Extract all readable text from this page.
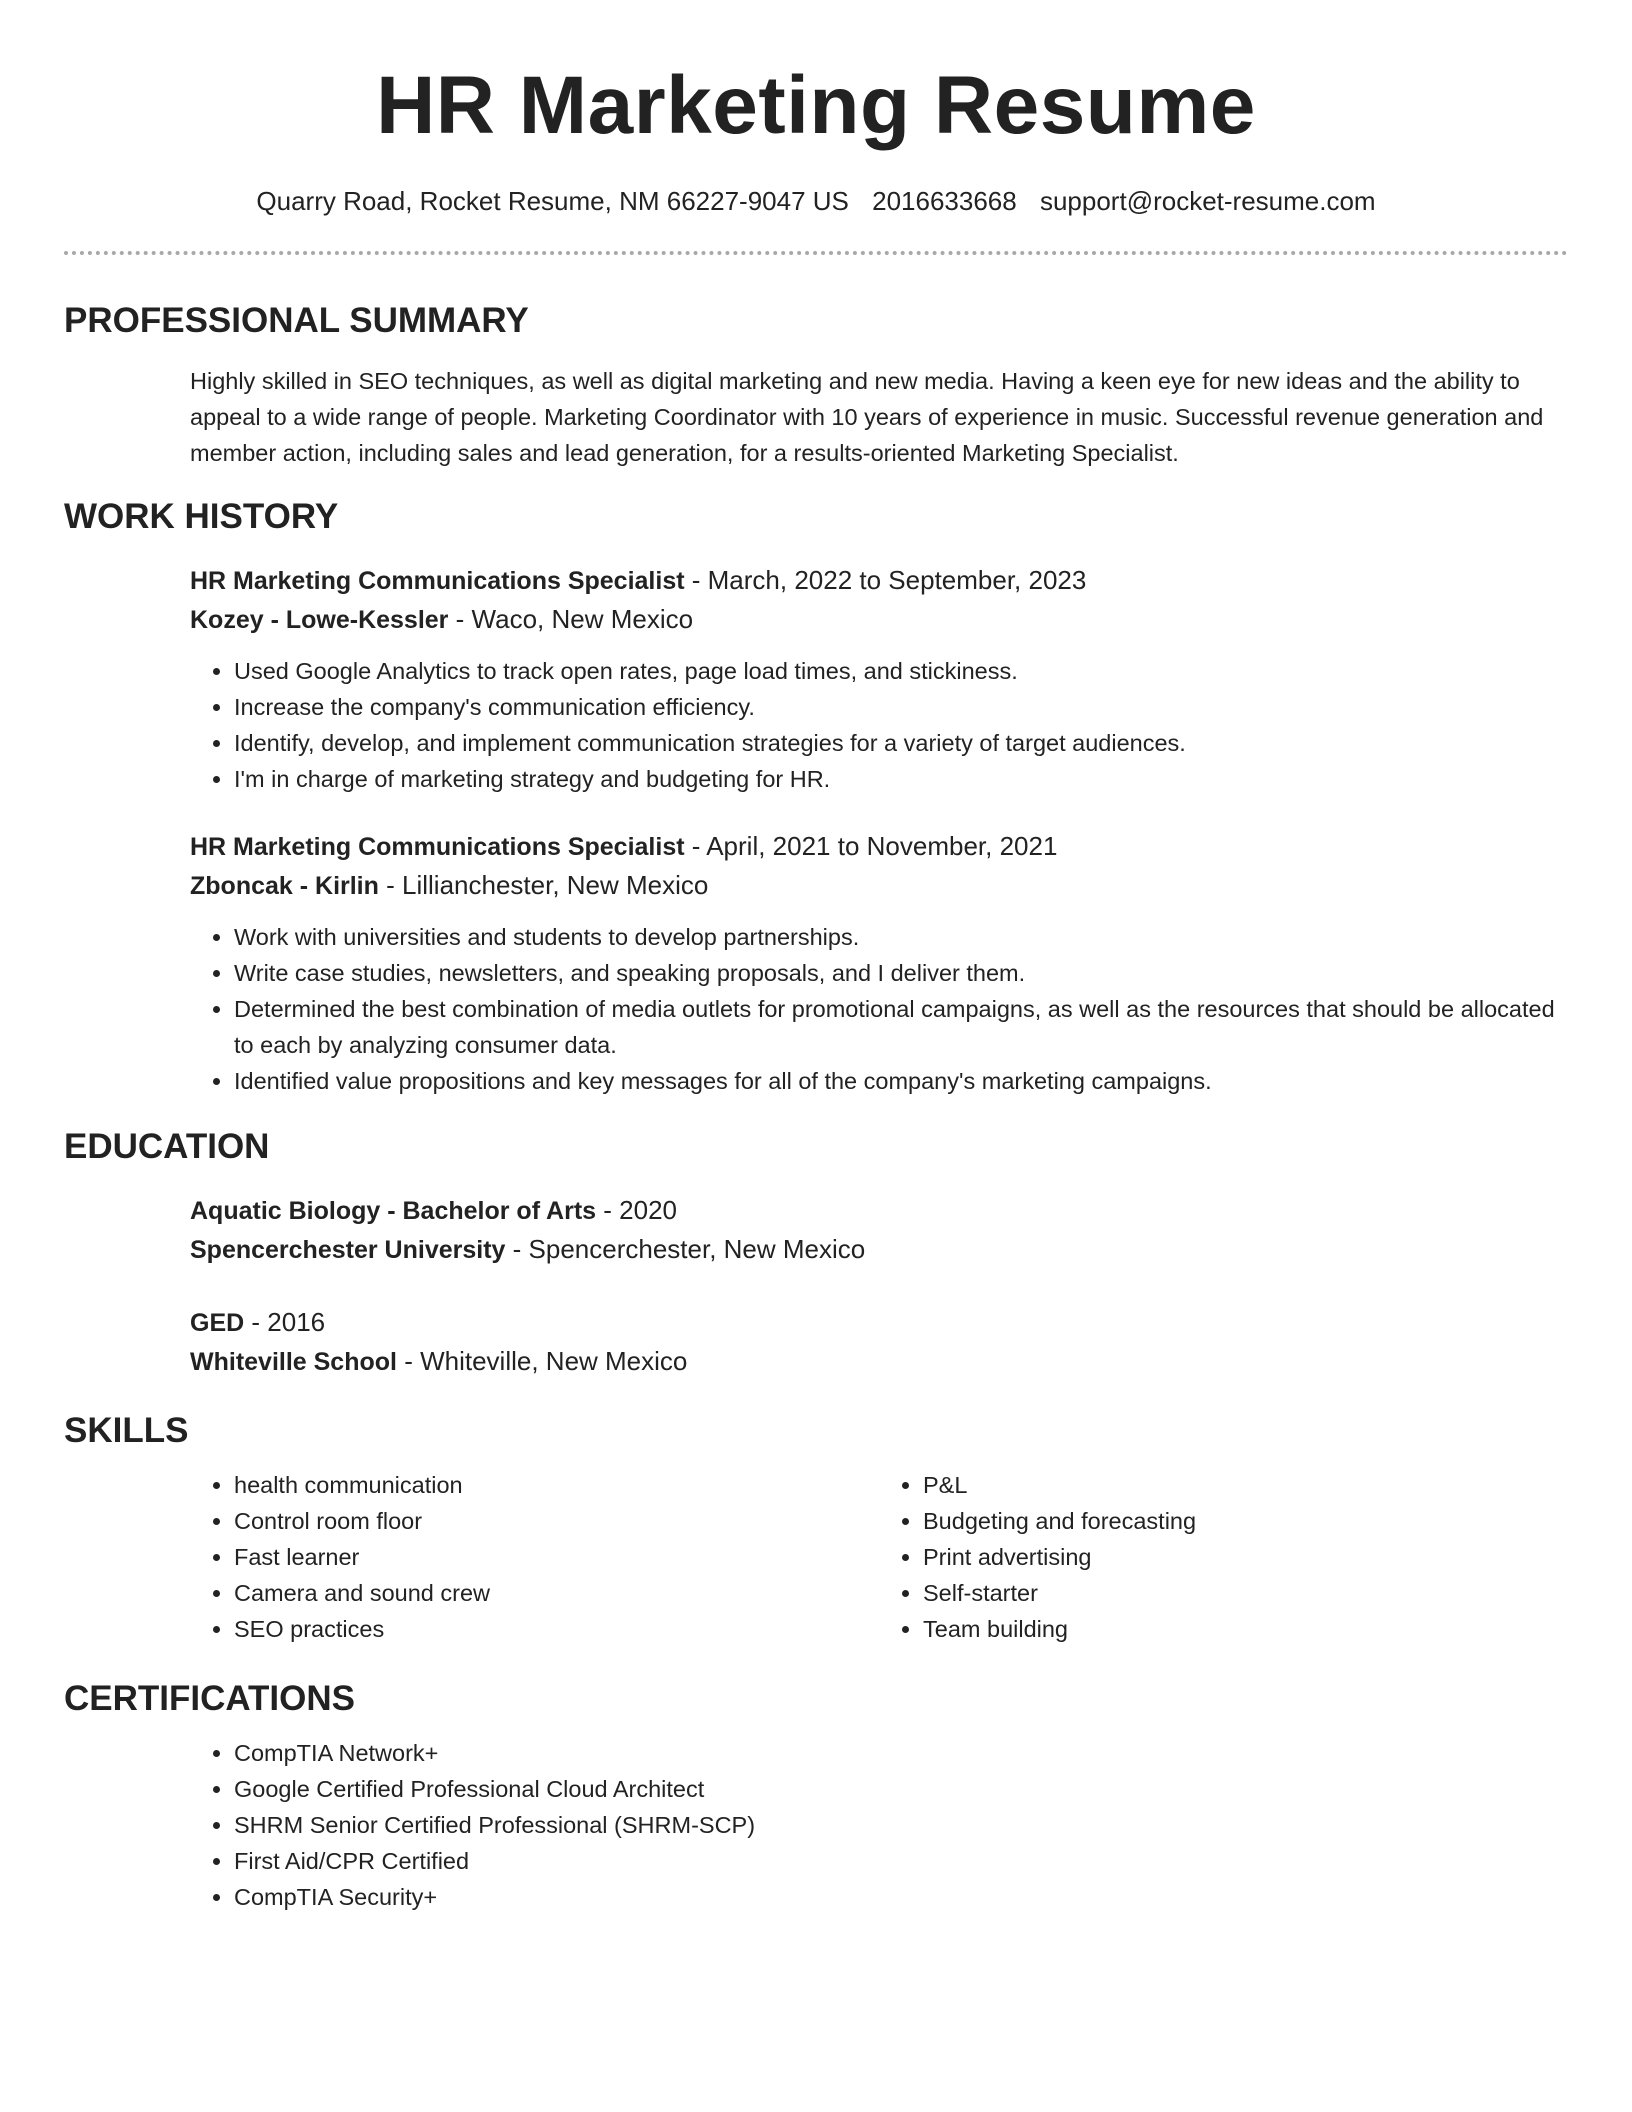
HR Marketing Resume
Quarry Road, Rocket Resume, NM 66227-9047 US 2016633668 support@rocket-resume.com
PROFESSIONAL SUMMARY
Highly skilled in SEO techniques, as well as digital marketing and new media. Having a keen eye for new ideas and the ability to appeal to a wide range of people. Marketing Coordinator with 10 years of experience in music. Successful revenue generation and member action, including sales and lead generation, for a results-oriented Marketing Specialist.
WORK HISTORY
HR Marketing Communications Specialist - March, 2022 to September, 2023
Kozey - Lowe-Kessler - Waco, New Mexico
• Used Google Analytics to track open rates, page load times, and stickiness.
• Increase the company's communication efficiency.
• Identify, develop, and implement communication strategies for a variety of target audiences.
• I'm in charge of marketing strategy and budgeting for HR.
HR Marketing Communications Specialist - April, 2021 to November, 2021
Zboncak - Kirlin - Lillianchester, New Mexico
• Work with universities and students to develop partnerships.
• Write case studies, newsletters, and speaking proposals, and I deliver them.
• Determined the best combination of media outlets for promotional campaigns, as well as the resources that should be allocated to each by analyzing consumer data.
• Identified value propositions and key messages for all of the company's marketing campaigns.
EDUCATION
Aquatic Biology - Bachelor of Arts - 2020
Spencerchester University - Spencerchester, New Mexico
GED - 2016
Whiteville School - Whiteville, New Mexico
SKILLS
• health communication
• Control room floor
• Fast learner
• Camera and sound crew
• SEO practices
• P&L
• Budgeting and forecasting
• Print advertising
• Self-starter
• Team building
CERTIFICATIONS
• CompTIA Network+
• Google Certified Professional Cloud Architect
• SHRM Senior Certified Professional (SHRM-SCP)
• First Aid/CPR Certified
• CompTIA Security+
